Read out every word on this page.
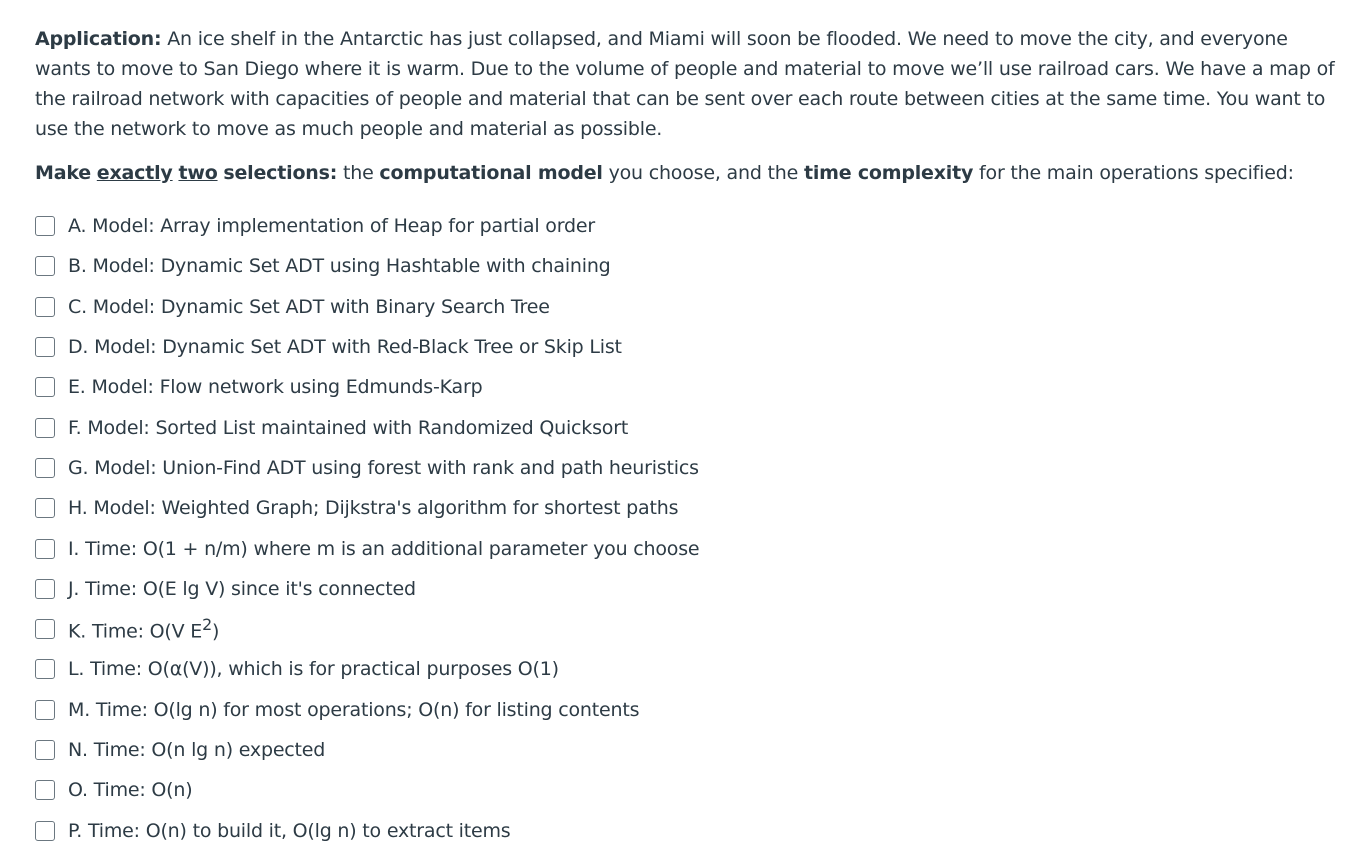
Application: An ice shelf in the Antarctic has just collapsed, and Miami will soon be flooded. We need to move the city, and everyone wants to move to San Diego where it is warm. Due to the volume of people and material to move we’ll use railroad cars. We have a map of the railroad network with capacities of people and material that can be sent over each route between cities at the same time. You want to use the network to move as much people and material as possible.

Make exactly two selections: the computational model you choose, and the time complexity for the main operations specified:

A. Model: Array implementation of Heap for partial order
B. Model: Dynamic Set ADT using Hashtable with chaining
C. Model: Dynamic Set ADT with Binary Search Tree
D. Model: Dynamic Set ADT with Red-Black Tree or Skip List
E. Model: Flow network using Edmunds-Karp
F. Model: Sorted List maintained with Randomized Quicksort
G. Model: Union-Find ADT using forest with rank and path heuristics
H. Model: Weighted Graph; Dijkstra's algorithm for shortest paths
I. Time: O(1 + n/m) where m is an additional parameter you choose
J. Time: O(E lg V) since it's connected
K. Time: O(V $E^2$)
L. Time: O(α(V)), which is for practical purposes O(1)
M. Time: O(lg n) for most operations; O(n) for listing contents
N. Time: O(n lg n) expected
O. Time: O(n)
P. Time: O(n) to build it, O(lg n) to extract items
